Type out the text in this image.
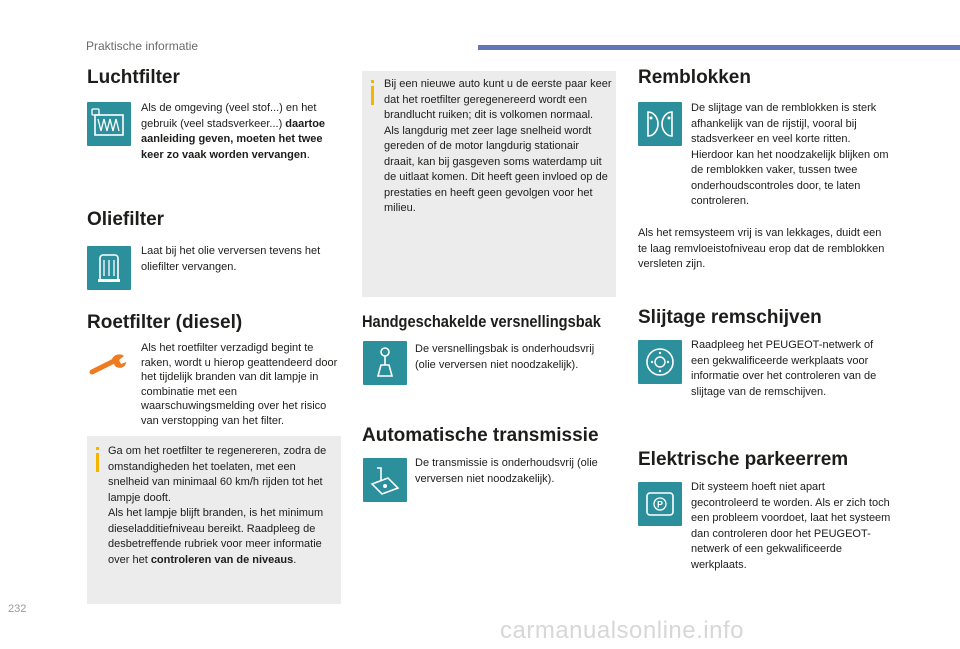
Praktische informatie
Luchtfilter

Als de omgeving (veel stof...) en het gebruik (veel stadsverkeer...) daartoe aanleiding geven, moeten het twee keer zo vaak worden vervangen.

Oliefilter
Laat bij het olie verversen tevens het oliefilter vervangen.
Roetfilter (diesel)
Als het roetfilter verzadigd begint te raken, wordt u hierop geattendeerd door het tijdelijk branden van dit lampje in combinatie met een waarschuwingsmelding over het risico van verstopping van het filter.

Ga om het roetfilter te regenereren, zodra de omstandigheden het toelaten, met een snelheid van minimaal 60 km/h rijden tot het lampje dooft.

Als het lampje blijft branden, is het minimum dieseladditiefniveau bereikt. Raadpleeg de desbetreffende rubriek voor meer informatie over het controleren van de niveaus.

Bij een nieuwe auto kunt u de eerste paar keer dat het roetfilter geregenereerd wordt een brandlucht ruiken; dit is volkomen normaal.

Als langdurig met zeer lage snelheid wordt gereden of de motor langdurig stationair draait, kan bij gasgeven soms waterdamp uit de uitlaat komen. Dit heeft geen invloed op de prestaties en heeft geen gevolgen voor het milieu.

Handgeschakelde versnellingsbak
De versnellingsbak is onderhoudsvrij (olie verversen niet noodzakelijk).
Automatische transmissie
De transmissie is onderhoudsvrij (olie verversen niet noodzakelijk).
Remblokken
De slijtage van de remblokken is sterk afhankelijk van de rijstijl, vooral bij stadsverkeer en veel korte ritten. Hierdoor kan het noodzakelijk blijken om de remblokken vaker, tussen twee onderhoudscontroles door, te laten controleren.
Als het remsysteem vrij is van lekkages, duidt een te laag remvloeistofniveau erop dat de remblokken versleten zijn.
Slijtage remschijven
Raadpleeg het PEUGEOT-netwerk of een gekwalificeerde werkplaats voor informatie over het controleren van de slijtage van de remschijven.
Elektrische parkeerrem
P
Dit systeem hoeft niet apart gecontroleerd te worden. Als er zich toch een probleem voordoet, laat het systeem dan controleren door het PEUGEOT-netwerk of een gekwalificeerde werkplaats.
232
carmanualsonline.info
